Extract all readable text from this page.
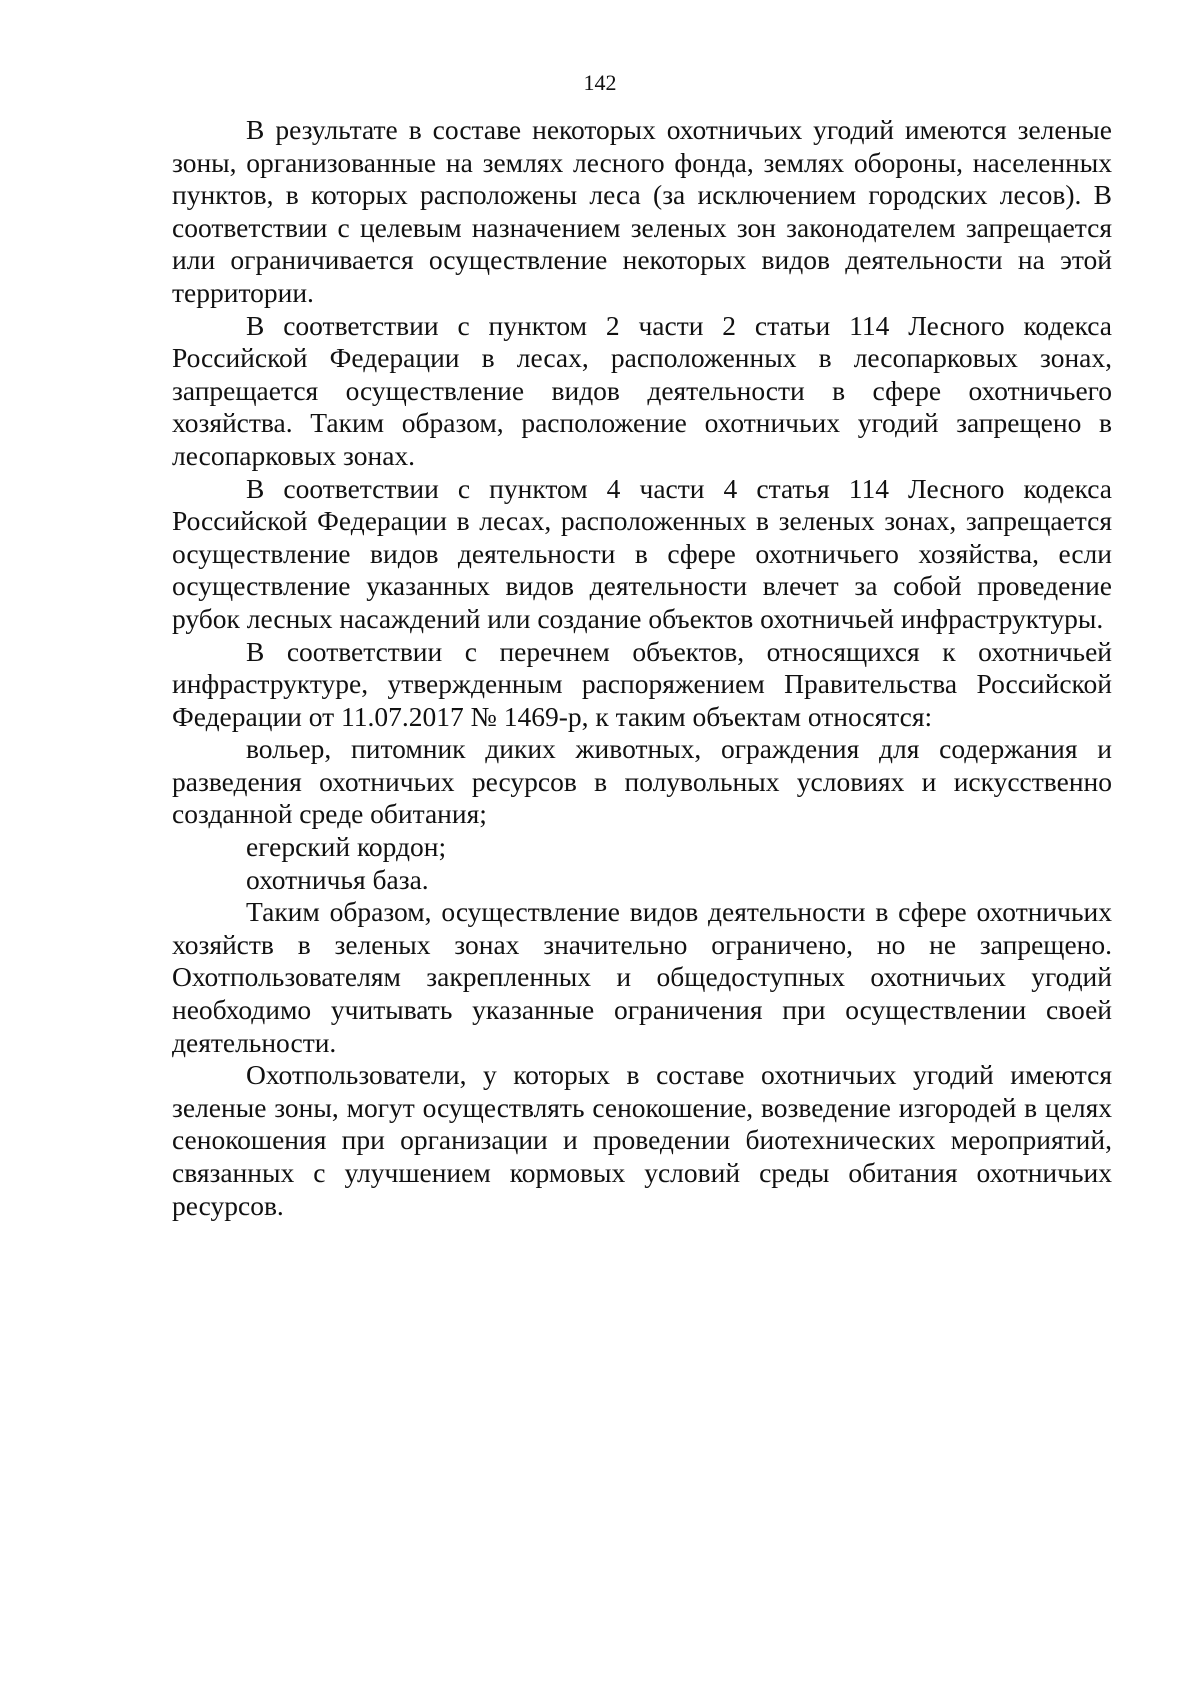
142

В результате в составе некоторых охотничьих угодий имеются зеленые зоны, организованные на землях лесного фонда, землях обороны, населенных пунктов, в которых расположены леса (за исключением городских лесов). В соответствии с целевым назначением зеленых зон законодателем запрещается или ограничивается осуществление некоторых видов деятельности на этой территории.

В соответствии с пунктом 2 части 2 статьи 114 Лесного кодекса Российской Федерации в лесах, расположенных в лесопарковых зонах, запрещается осуществление видов деятельности в сфере охотничьего хозяйства. Таким образом, расположение охотничьих угодий запрещено в лесопарковых зонах.

В соответствии с пунктом 4 части 4 статья 114 Лесного кодекса Российской Федерации в лесах, расположенных в зеленых зонах, запрещается осуществление видов деятельности в сфере охотничьего хозяйства, если осуществление указанных видов деятельности влечет за собой проведение рубок лесных насаждений или создание объектов охотничьей инфраструктуры.

В соответствии с перечнем объектов, относящихся к охотничьей инфраструктуре, утвержденным распоряжением Правительства Российской Федерации от 11.07.2017 № 1469-р, к таким объектам относятся:

вольер, питомник диких животных, ограждения для содержания и разведения охотничьих ресурсов в полувольных условиях и искусственно созданной среде обитания;

егерский кордон;

охотничья база.

Таким образом, осуществление видов деятельности в сфере охотничьих хозяйств в зеленых зонах значительно ограничено, но не запрещено. Охотпользователям закрепленных и общедоступных охотничьих угодий необходимо учитывать указанные ограничения при осуществлении своей деятельности.

Охотпользователи, у которых в составе охотничьих угодий имеются зеленые зоны, могут осуществлять сенокошение, возведение изгородей в целях сенокошения при организации и проведении биотехнических мероприятий, связанных с улучшением кормовых условий среды обитания охотничьих ресурсов.
